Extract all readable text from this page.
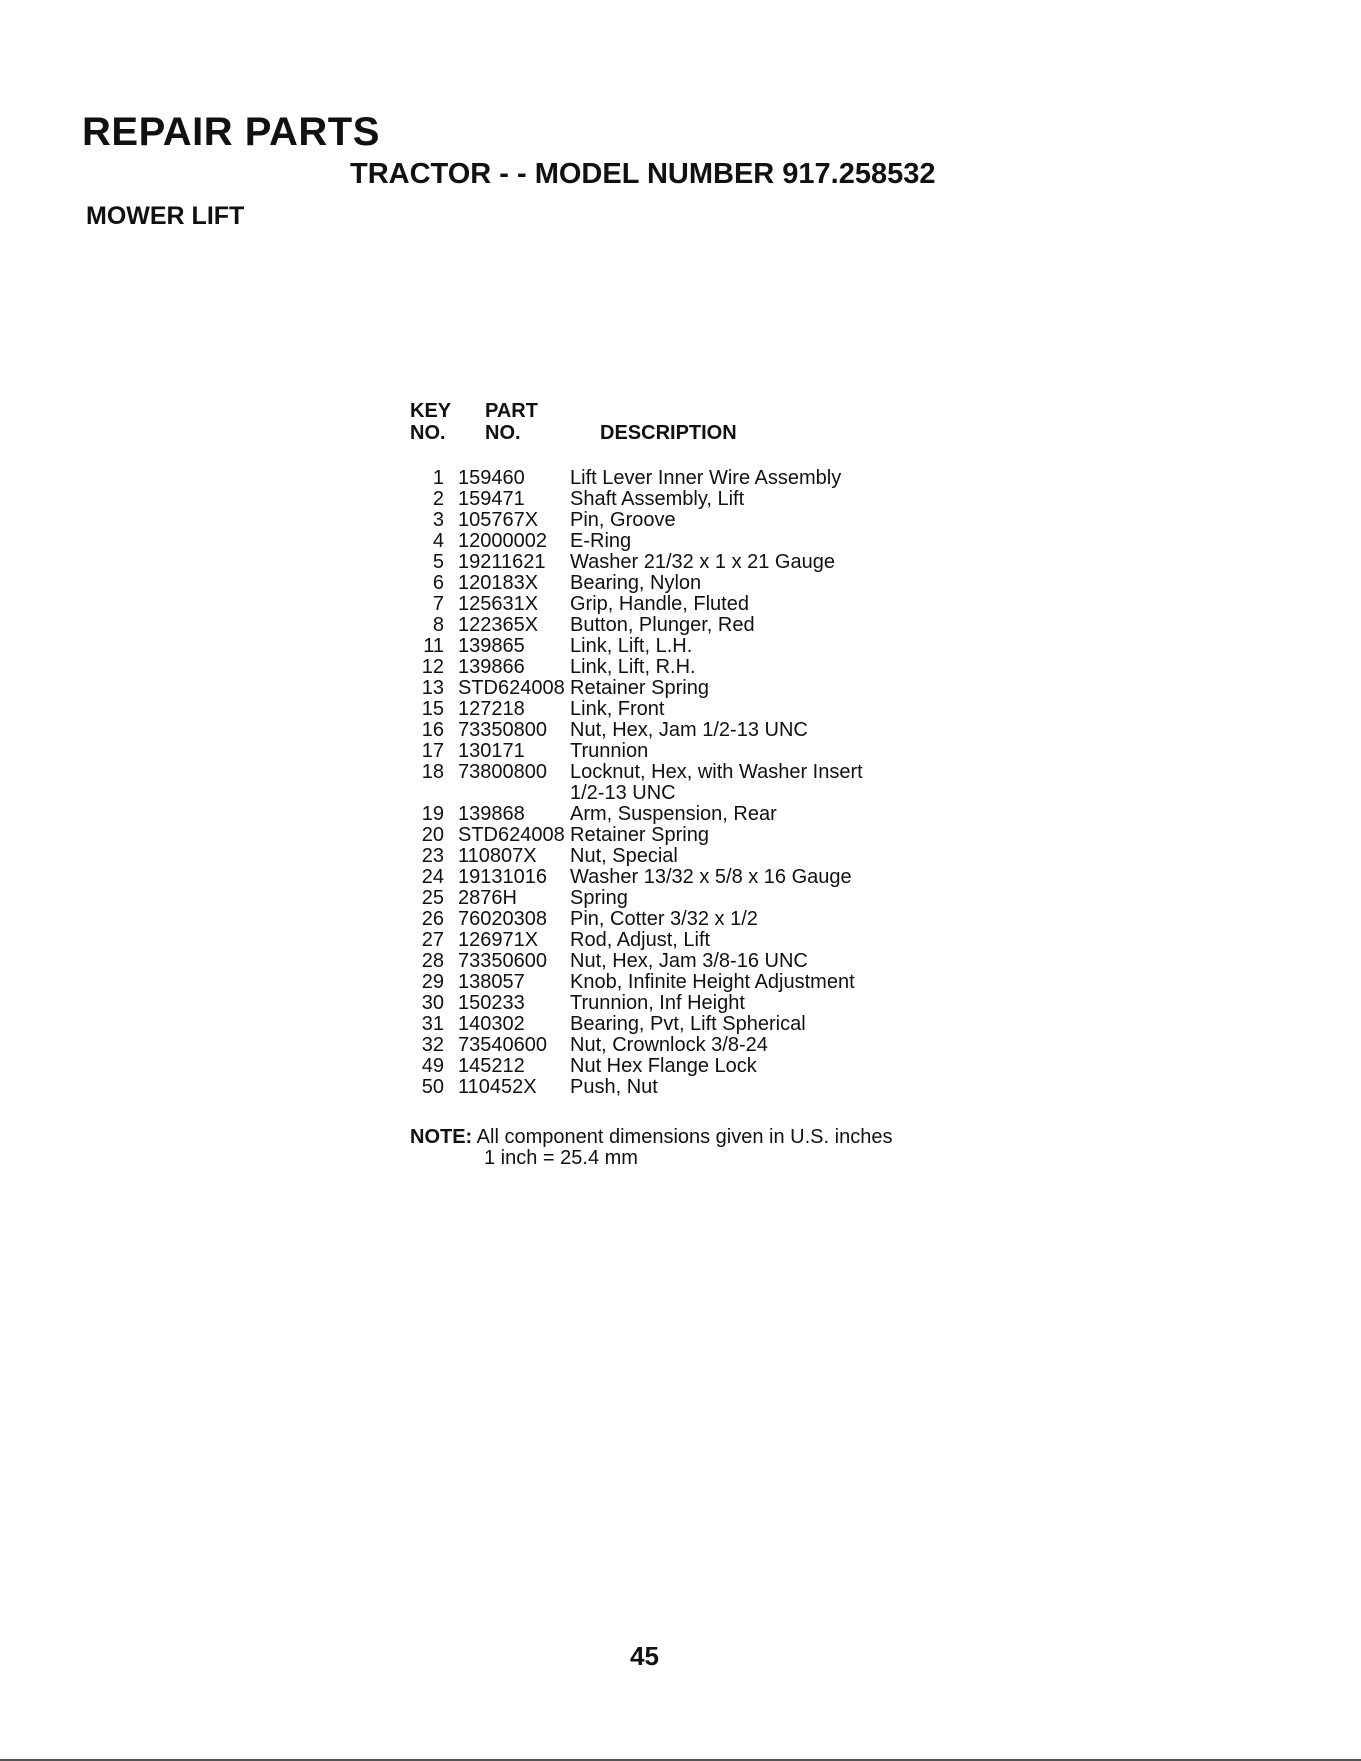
REPAIR PARTS
TRACTOR - - MODEL NUMBER 917.258532
MOWER LIFT
KEY
NO.
PART
NO.	DESCRIPTION
1 159460	Lift Lever Inner Wire Assembly
2 159471	Shaft Assembly, Lift
3 105767X	Pin, Groove
4 12000002	E-Ring
5 19211621	Washer 21/32 x 1 x 21 Gauge
6 120183X	Bearing, Nylon
7 125631X	Grip, Handle, Fluted
8 122365X	Button, Plunger, Red
11 139865	Link, Lift, L.H.
12 139866	Link, Lift, R.H.
13 STD624008 Retainer Spring
15 127218	Link, Front
16 73350800	Nut, Hex, Jam 1/2-13 UNC
17 130171	Trunnion
18 73800800	Locknut, Hex, with Washer Insert
1/2-13 UNC
19 139868	Arm, Suspension, Rear
20 STD624008 Retainer Spring
23 110807X	Nut, Special
24 19131016	Washer 13/32 x 5/8 x 16 Gauge
25 2876H	Spring
26 76020308	Pin, Cotter 3/32 x 1/2
27 126971X	Rod, Adjust, Lift
28 73350600	Nut, Hex, Jam 3/8-16 UNC
29 138057	Knob, Infinite Height Adjustment
30 150233	Trunnion, Inf Height
31 140302	Bearing, Pvt, Lift Spherical
32 73540600	Nut, Crownlock 3/8-24
49 145212	Nut Hex Flange Lock
50 110452X	Push, Nut
NOTE: All component dimensions given in U.S. inches
1 inch = 25.4 mm
45
